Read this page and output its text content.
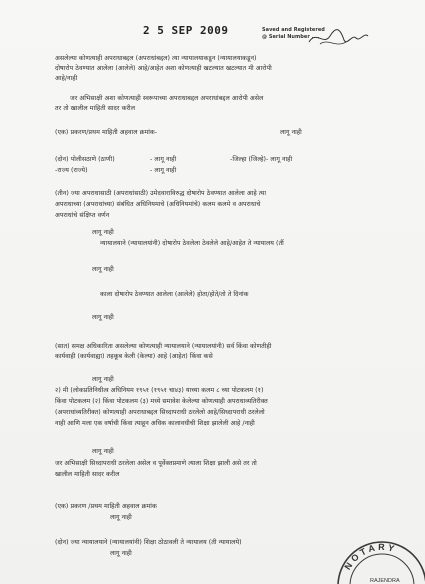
2 5 SEP 2009	Saved and Registered
@ Serial Number ....
असलेल्या कोणत्याही अपराधाबद्दल (अपराधांबद्दल) त्या न्यायालयाकडून (न्यायालयाकडून)
दोषारोप ठेवण्यात आलेला (आलेले) आहे/आहेत अशा कोणत्याही खटल्यात खटल्यात मी आरोपी
आहे/नाही
जर अभिसाक्षी अशा कोणत्याही स्वरूपाच्या अपराधाबद्दल अपराधांबद्दल आरोपी असेल
तर तो खालील माहिती सादर करील
(एक) प्रकरण/प्रथम माहिती अहवाल क्रमांक-	लागू नाही
(दोन) पोलीसठाणे (ठाणी)	- लागू नाही	-जिल्हा (जिल्हे)- लागू नाही
-राज्य (राज्ये)	- लागू नाही
(तीन) ज्या अपराधासाठी (अपराधांसाठी) उमेदवाराविरुद्ध दोषारोप ठेवण्यात आलेला आहे त्या
अपराधाच्या (अपराधांच्या) संबंधित अधिनियमाचे (अधिनियमांचे) कलम कलमे व अपराधाचे
अपराधांचे संक्षिप्त वर्णन
लागू नाही
न्यायालयाने (न्यायालयांनी) दोषारोप ठेवलेला ठेवलेले आहे/आहेत ते न्यायालय (तीं
लागू नाही
काला दोषारोप ठेवण्यात आलेला (आलेले) होता/होते/तो ते दिनांक
लागू नाही
(सात) समक्ष अधिकारिता असलेल्या कोणत्याही न्यायालयाने (न्यायालयांनी) सर्व किंवा कोणतीही
कार्यवाही (कार्यवाह्या) तहकूब केली (केल्या) आहे (आहेत) किंवा कसे
लागू नाही
२) मी (लोकप्रतिनिधीत्व अधिनियम १९५१ (१९५१ चा४३) याच्या कलम ८ च्या पोटकलम (१)
किंवा पोटकलम (२) किंवा पोटकलम (३) मध्ये समावेश केलेल्या कोणत्याही अपराधाव्यतिरीक्त
(अपराधांव्यतिरीक्त) कोणत्याही अपराधाबद्दल सिध्दापराधी ठरलेलो आहे/सिध्दापराधी ठरलेलो
नाही आणि मला एक वर्षाची किंवा त्याहून अधिक कालावधीची शिक्षा झालेली आहे /नाही
लागू नाही
जर अभिसाक्षी सिध्दापराधी ठरलेला असेल व पूर्वेक्तप्रमाणे त्याला शिक्षा झाली असे तर तो
खालील माहिती सादर करील
(एक) प्रकरण /प्रथम माहिती अहवाल क्रमांक
लागू नाही
(दोन) ज्या न्यायालयाने (न्यायालयांनी) शिक्षा ठोठावली ते न्यायालय (ती न्यायालये)
लागू नाही
NOTARY
RAJENDRA
